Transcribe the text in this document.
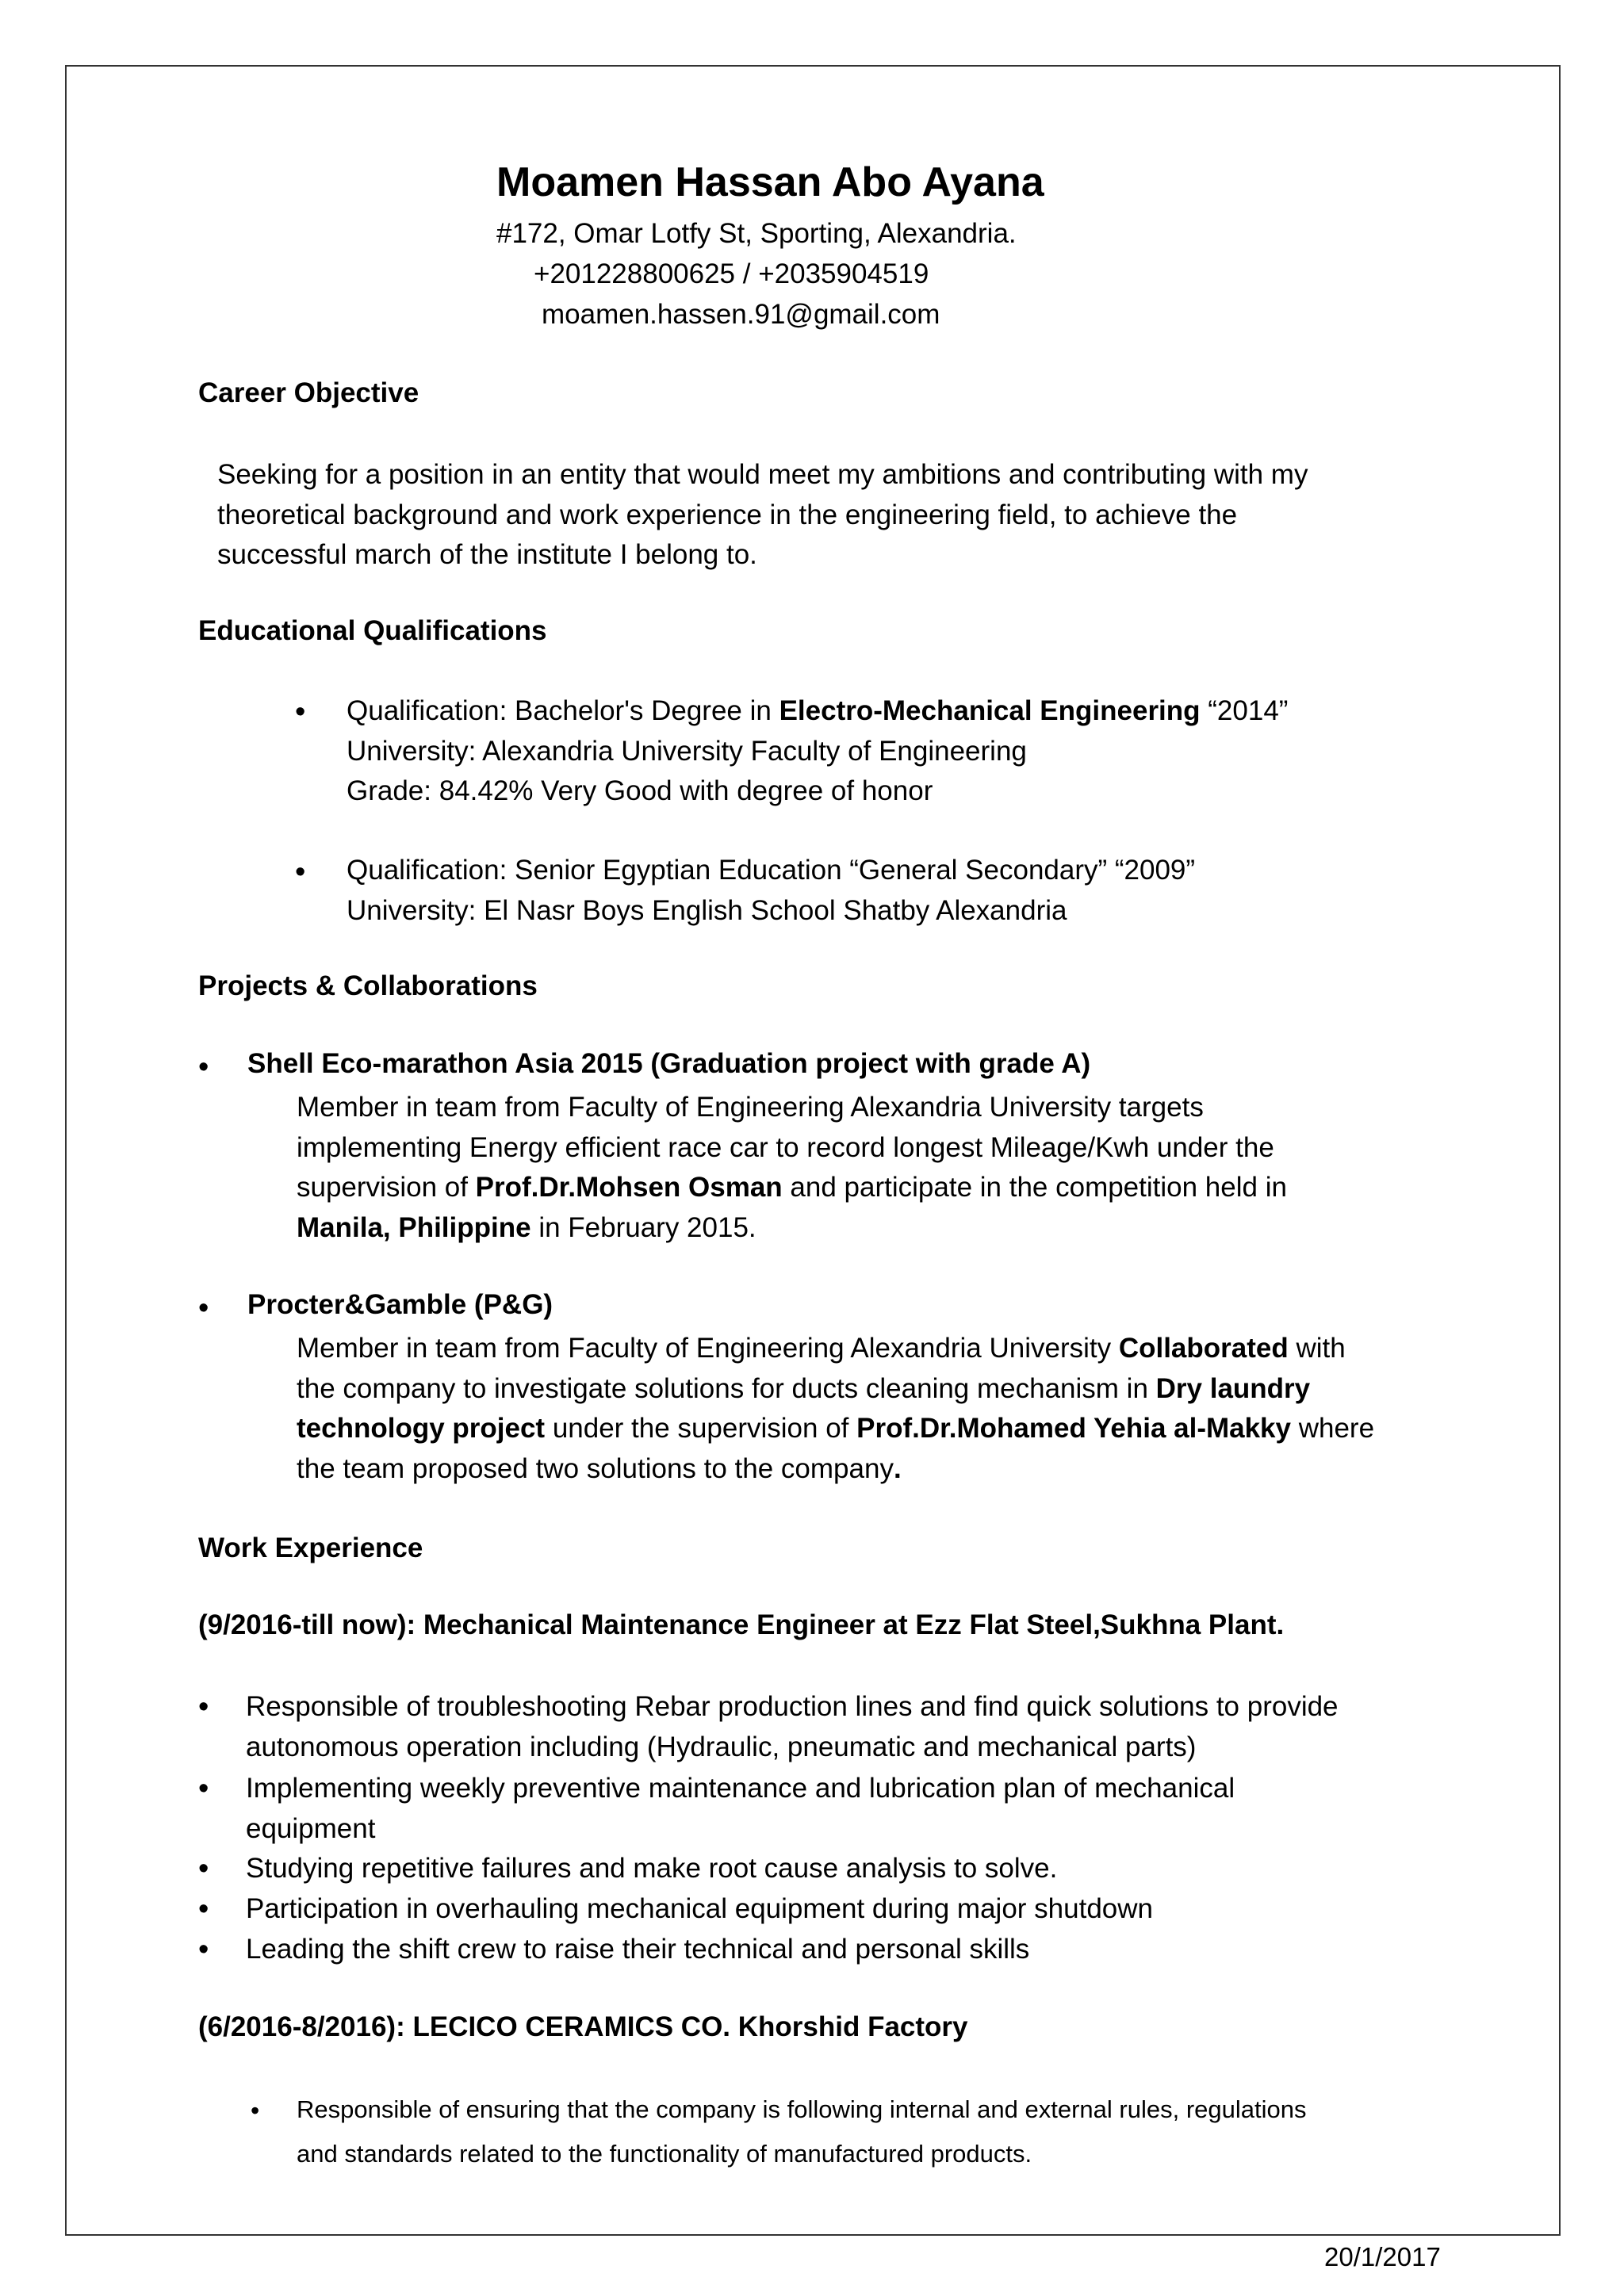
Moamen Hassan Abo Ayana
#172, Omar Lotfy St, Sporting, Alexandria.
+201228800625 / +2035904519
moamen.hassen.91@gmail.com
Career Objective
Seeking for a position in an entity that would meet my ambitions and contributing with my
theoretical background and work experience in the engineering field, to achieve the
successful march of the institute I belong to.
Educational Qualifications
• Qualification: Bachelor's Degree in Electro-Mechanical Engineering “2014”
University: Alexandria University Faculty of Engineering
Grade: 84.42% Very Good with degree of honor
• Qualification: Senior Egyptian Education “General Secondary” “2009”
University: El Nasr Boys English School Shatby Alexandria
Projects & Collaborations
• Shell Eco-marathon Asia 2015 (Graduation project with grade A)
Member in team from Faculty of Engineering Alexandria University targets
implementing Energy efficient race car to record longest Mileage/Kwh under the
supervision of Prof.Dr.Mohsen Osman and participate in the competition held in
Manila, Philippine in February 2015.
• Procter&Gamble (P&G)
Member in team from Faculty of Engineering Alexandria University Collaborated with
the company to investigate solutions for ducts cleaning mechanism in Dry laundry
technology project under the supervision of Prof.Dr.Mohamed Yehia al-Makky where
the team proposed two solutions to the company.
Work Experience
(9/2016-till now): Mechanical Maintenance Engineer at Ezz Flat Steel,Sukhna Plant.
• Responsible of troubleshooting Rebar production lines and find quick solutions to provide
autonomous operation including (Hydraulic, pneumatic and mechanical parts)
• Implementing weekly preventive maintenance and lubrication plan of mechanical
equipment
• Studying repetitive failures and make root cause analysis to solve.
• Participation in overhauling mechanical equipment during major shutdown
• Leading the shift crew to raise their technical and personal skills
(6/2016-8/2016): LECICO CERAMICS CO. Khorshid Factory
• Responsible of ensuring that the company is following internal and external rules, regulations
and standards related to the functionality of manufactured products.
20/1/2017
